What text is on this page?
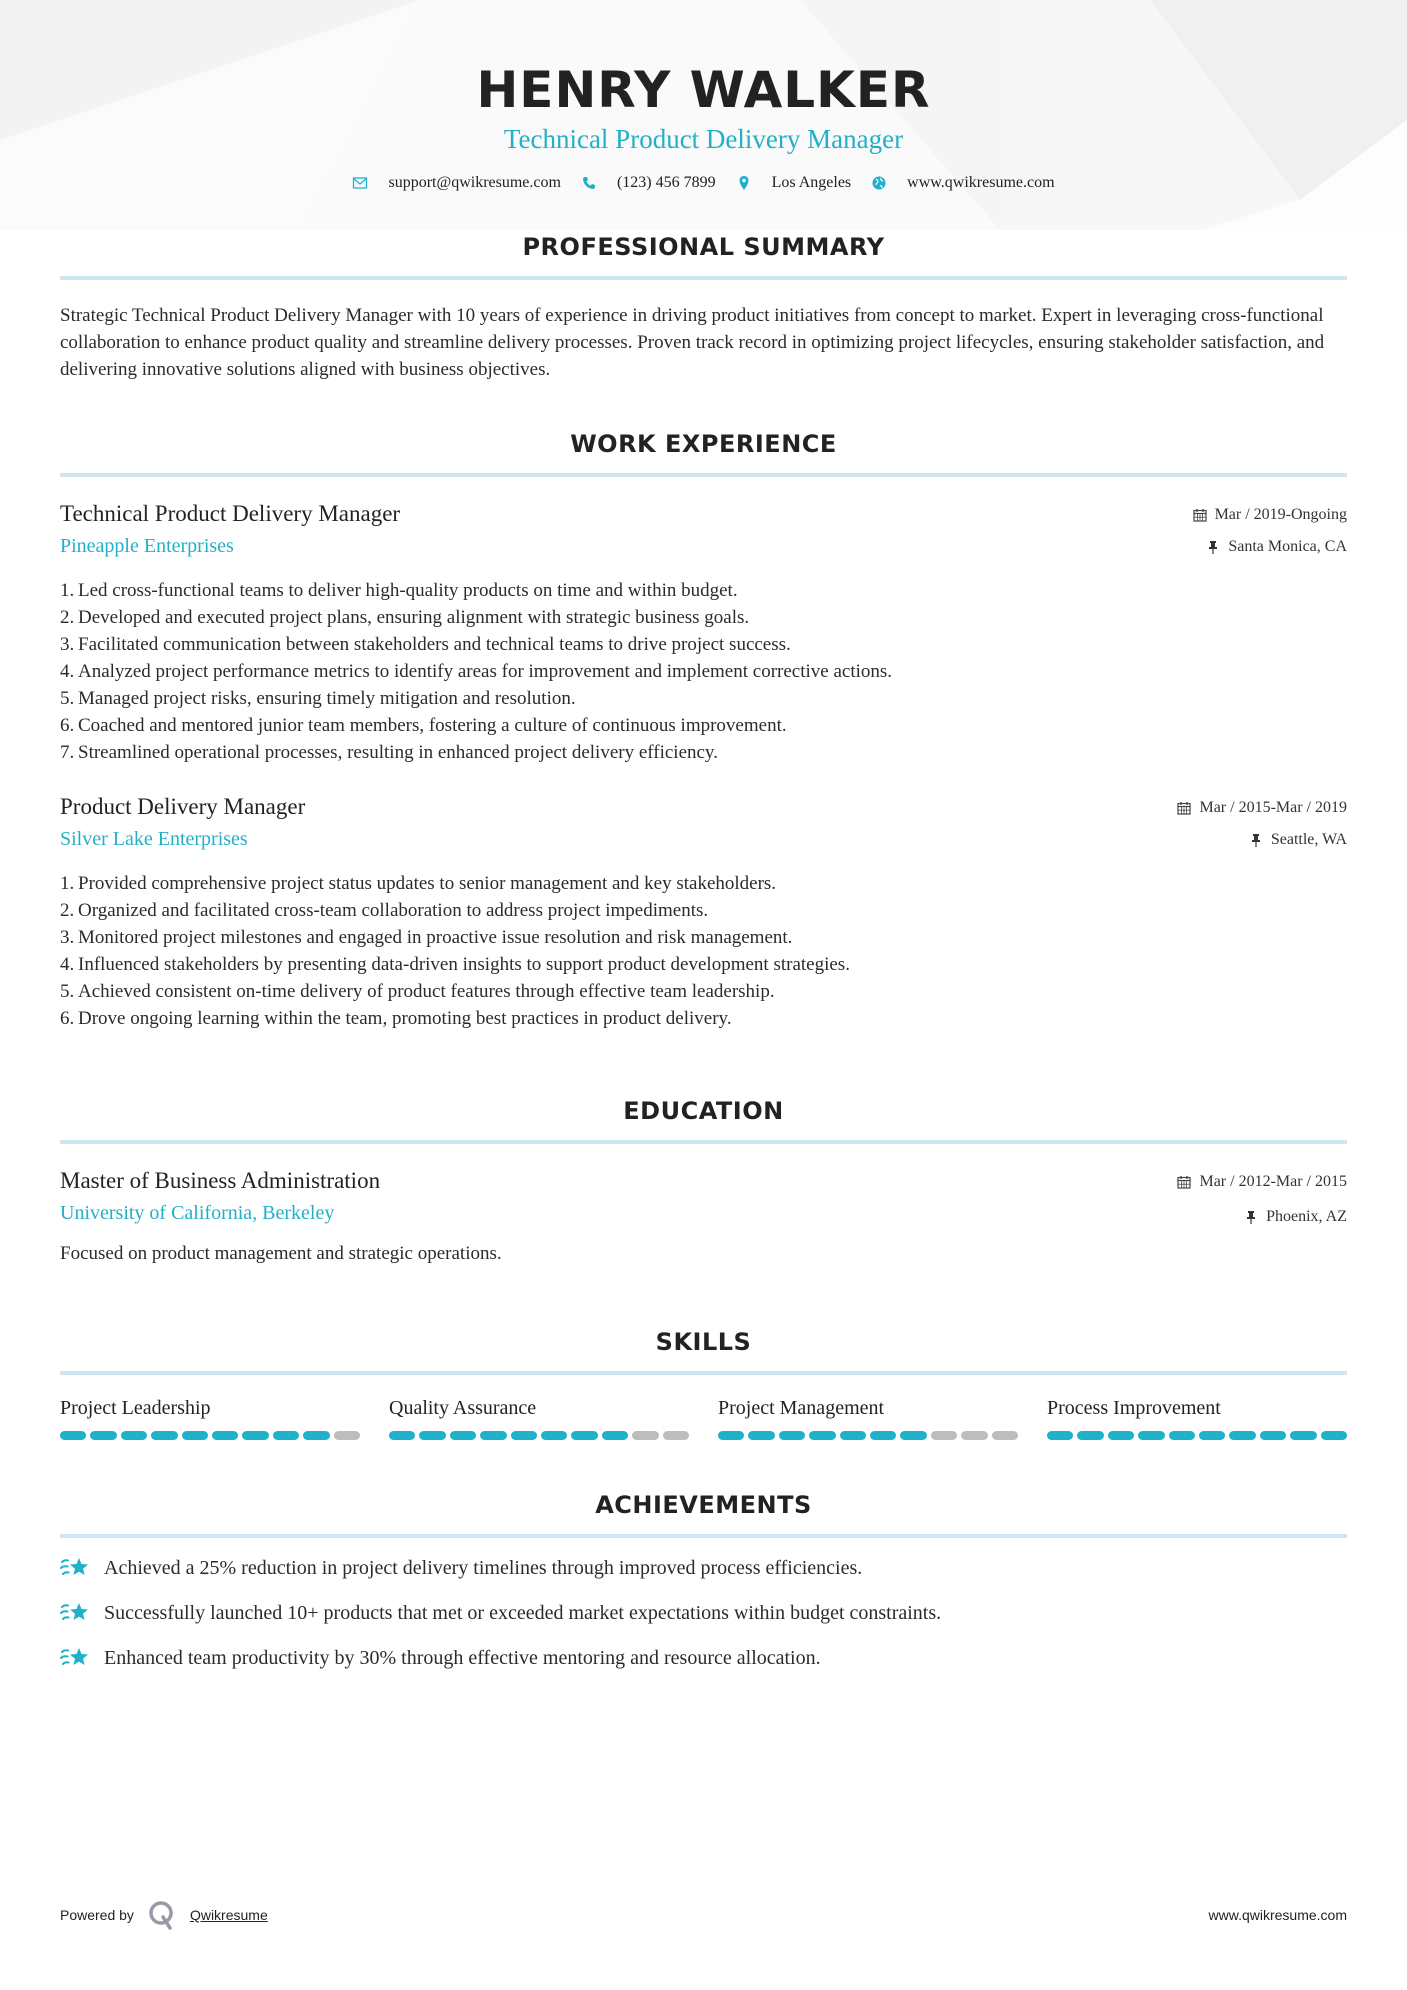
HENRY WALKER
Technical Product Delivery Manager
support@qwikresume.com	(123) 456 7899	Los Angeles	www.qwikresume.com
PROFESSIONAL SUMMARY

Strategic Technical Product Delivery Manager with 10 years of experience in driving product initiatives from concept to market. Expert in leveraging cross-functional collaboration to enhance product quality and streamline delivery processes. Proven track record in optimizing project lifecycles, ensuring stakeholder satisfaction, and delivering innovative solutions aligned with business objectives.

WORK EXPERIENCE
Technical Product Delivery Manager
Pineapple Enterprises
Mar / 2019-Ongoing
Santa Monica, CA
1. Led cross-functional teams to deliver high-quality products on time and within budget.
2. Developed and executed project plans, ensuring alignment with strategic business goals.
3. Facilitated communication between stakeholders and technical teams to drive project success.
4. Analyzed project performance metrics to identify areas for improvement and implement corrective actions.
5. Managed project risks, ensuring timely mitigation and resolution.
6. Coached and mentored junior team members, fostering a culture of continuous improvement.
7. Streamlined operational processes, resulting in enhanced project delivery efficiency.
Product Delivery Manager
Silver Lake Enterprises
Mar / 2015-Mar / 2019
Seattle, WA
1. Provided comprehensive project status updates to senior management and key stakeholders.
2. Organized and facilitated cross-team collaboration to address project impediments.
3. Monitored project milestones and engaged in proactive issue resolution and risk management.
4. Influenced stakeholders by presenting data-driven insights to support product development strategies.
5. Achieved consistent on-time delivery of product features through effective team leadership.
6. Drove ongoing learning within the team, promoting best practices in product delivery.
EDUCATION
Master of Business Administration
University of California, Berkeley
Mar / 2012-Mar / 2015
Phoenix, AZ

Focused on product management and strategic operations.

SKILLS
Project Leadership	Quality Assurance	Project Management	Process Improvement
ACHIEVEMENTS
Achieved a 25% reduction in project delivery timelines through improved process efficiencies.
Successfully launched 10+ products that met or exceeded market expectations within budget constraints.
Enhanced team productivity by 30% through effective mentoring and resource allocation.
Powered by	Qwikresume	www.qwikresume.com
